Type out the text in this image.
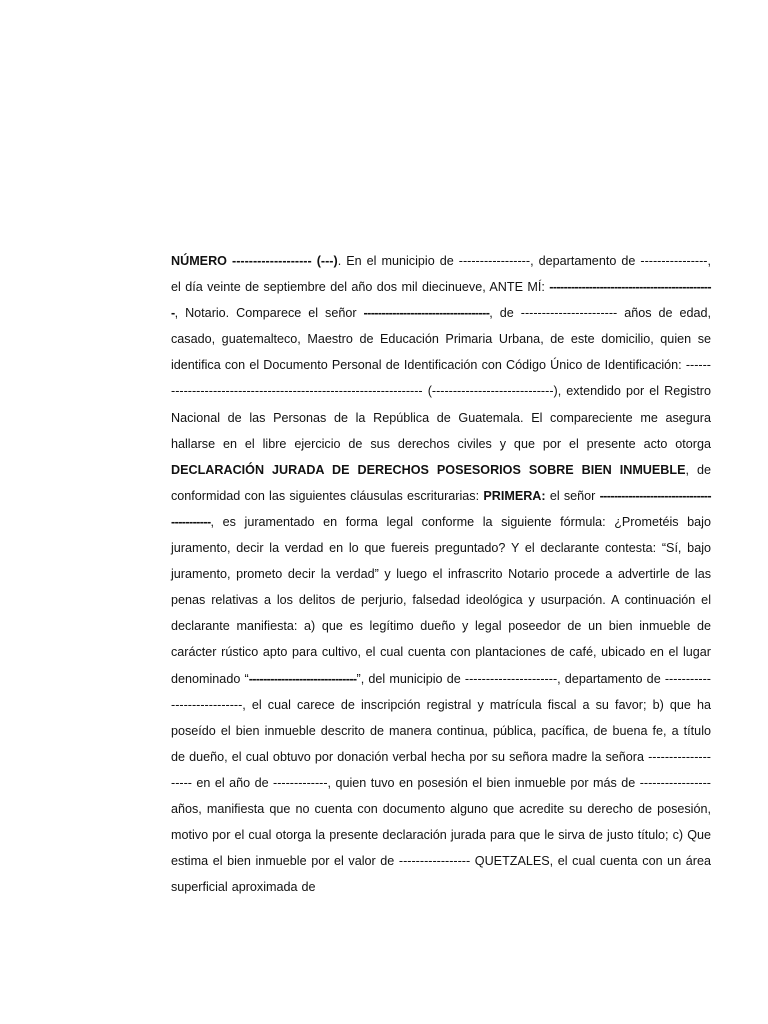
NÚMERO ------------------- (---). En el municipio de -----------------, departamento de ----------------, el día veinte de septiembre del año dos mil diecinueve, ANTE MÍ: ----------------------------------------------, Notario. Comparece el señor -----------------------------------, de ----------------------- años de edad, casado, guatemalteco, Maestro de Educación Primaria Urbana, de este domicilio, quien se identifica con el Documento Personal de Identificación con Código Único de Identificación: ------------------------------------------------------------------ (-----------------------------), extendido por el Registro Nacional de las Personas de la República de Guatemala. El compareciente me asegura hallarse en el libre ejercicio de sus derechos civiles y que por el presente acto otorga DECLARACIÓN JURADA DE DERECHOS POSESORIOS SOBRE BIEN INMUEBLE, de conformidad con las siguientes cláusulas escriturarias: PRIMERA: el señor ------------------------------------------, es juramentado en forma legal conforme la siguiente fórmula: ¿Prometéis bajo juramento, decir la verdad en lo que fuereis preguntado? Y el declarante contesta: “Sí, bajo juramento, prometo decir la verdad” y luego el infrascrito Notario procede a advertirle de las penas relativas a los delitos de perjurio, falsedad ideológica y usurpación. A continuación el declarante manifiesta: a) que es legítimo dueño y legal poseedor de un bien inmueble de carácter rústico apto para cultivo, el cual cuenta con plantaciones de café, ubicado en el lugar denominado “------------------------------”, del municipio de ----------------------, departamento de ----------------------------, el cual carece de inscripción registral y matrícula fiscal a su favor; b) que ha poseído el bien inmueble descrito de manera continua, pública, pacífica, de buena fe, a título de dueño, el cual obtuvo por donación verbal hecha por su señora madre la señora -------------------- en el año de -------------, quien tuvo en posesión el bien inmueble por más de ----------------- años, manifiesta que no cuenta con documento alguno que acredite su derecho de posesión, motivo por el cual otorga la presente declaración jurada para que le sirva de justo título; c) Que estima el bien inmueble por el valor de ----------------- QUETZALES, el cual cuenta con un área superficial aproximada de
